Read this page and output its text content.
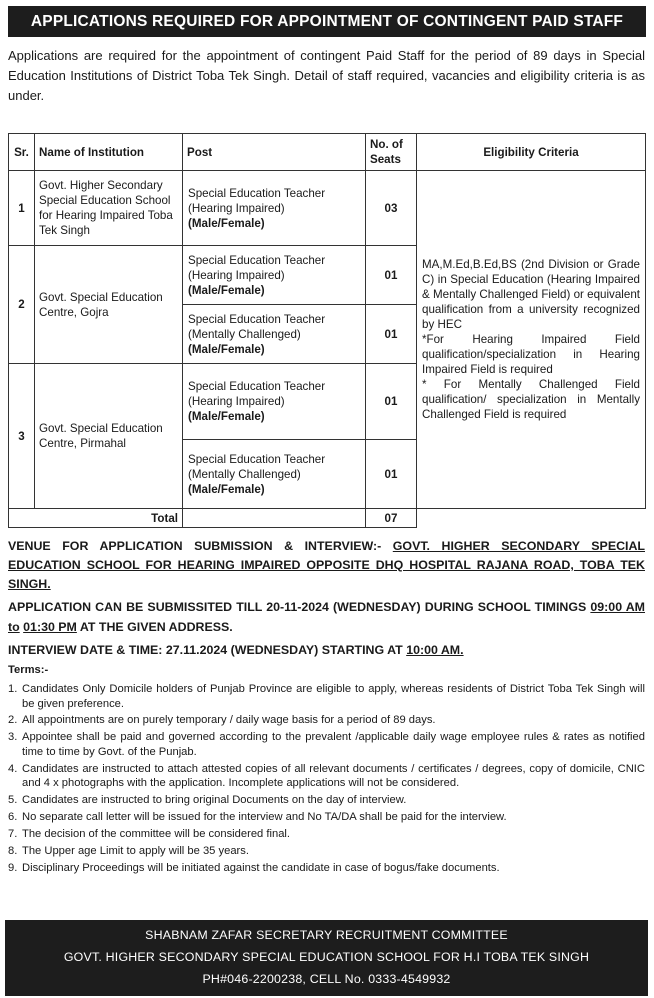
APPLICATIONS REQUIRED FOR APPOINTMENT OF CONTINGENT PAID STAFF

Applications are required for the appointment of contingent Paid Staff for the period of 89 days in Special Education Institutions of District Toba Tek Singh. Detail of staff required, vacancies and eligibility criteria is as under.

Sr.	Name of Institution	Post	No. of Seats	Eligibility Criteria
1	Govt. Higher Secondary Special Education School for Hearing Impaired Toba Tek Singh	Special Education Teacher (Hearing Impaired)
(Male/Female)	03	MA,M.Ed,B.Ed,BS (2nd Division or Grade C) in Special Education (Hearing Impaired & Mentally Challenged Field) or equivalent qualification from a university recognized by HEC
*For Hearing Impaired Field qualification/specialization in Hearing Impaired Field is required
* For Mentally Challenged Field qualification/ specialization in Mentally Challenged Field is required

2	Govt. Special Education Centre, Gojra	Special Education Teacher (Hearing Impaired)
(Male/Female)	01	

		Special Education Teacher (Mentally Challenged)
(Male/Female)	01	
3	Govt. Special Education Centre, Pirmahal	Special Education Teacher (Hearing Impaired)
(Male/Female)	01	

		Special Education Teacher (Mentally Challenged)
(Male/Female)	01	
Total			07	

VENUE FOR APPLICATION SUBMISSION & INTERVIEW:- GOVT. HIGHER SECONDARY SPECIAL EDUCATION SCHOOL FOR HEARING IMPAIRED OPPOSITE DHQ HOSPITAL RAJANA ROAD, TOBA TEK SINGH.

APPLICATION CAN BE SUBMISSITED TILL 20-11-2024 (WEDNESDAY) DURING SCHOOL TIMINGS 09:00 AM to 01:30 PM AT THE GIVEN ADDRESS.

INTERVIEW DATE & TIME: 27.11.2024 (WEDNESDAY) STARTING AT 10:00 AM.

Terms:-
1. Candidates Only Domicile holders of Punjab Province are eligible to apply, whereas residents of District Toba Tek Singh will be given preference.
2. All appointments are on purely temporary / daily wage basis for a period of 89 days.
3. Appointee shall be paid and governed according to the prevalent /applicable daily wage employee rules & rates as notified time to time by Govt. of the Punjab.
4. Candidates are instructed to attach attested copies of all relevant documents / certificates / degrees, copy of domicile, CNIC and 4 x photographs with the application. Incomplete applications will not be considered.
5. Candidates are instructed to bring original Documents on the day of interview.
6. No separate call letter will be issued for the interview and No TA/DA shall be paid for the interview.
7. The decision of the committee will be considered final.
8. The Upper age Limit to apply will be 35 years.
9. Disciplinary Proceedings will be initiated against the candidate in case of bogus/fake documents.
SHABNAM ZAFAR SECRETARY RECRUITMENT COMMITTEE
GOVT. HIGHER SECONDARY SPECIAL EDUCATION SCHOOL FOR H.I TOBA TEK SINGH
PH#046-2200238, CELL No. 0333-4549932
